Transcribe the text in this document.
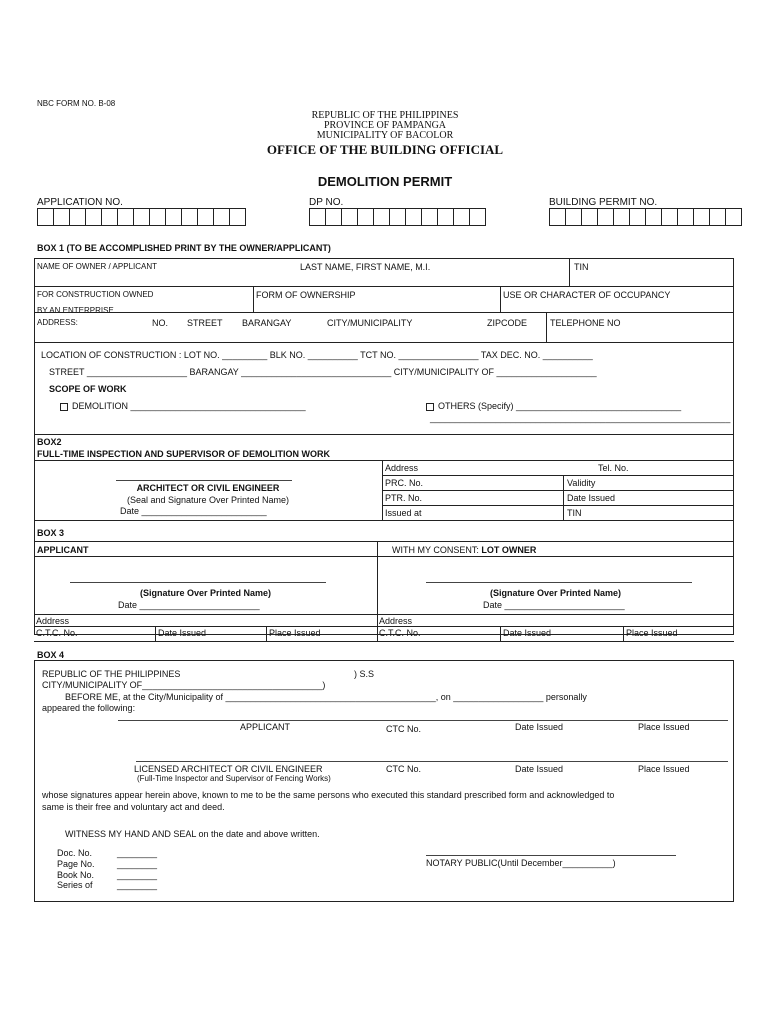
NBC FORM NO. B-08
REPUBLIC OF THE PHILIPPINES
PROVINCE OF PAMPANGA
MUNICIPALITY OF BACOLOR
OFFICE OF THE BUILDING OFFICIAL
DEMOLITION PERMIT
APPLICATION NO.	DP NO.	BUILDING PERMIT NO.
BOX 1 (TO BE ACCOMPLISHED PRINT BY THE OWNER/APPLICANT)
NAME OF OWNER / APPLICANT	LAST NAME, FIRST NAME, M.I.	TIN
FOR CONSTRUCTION OWNED	FORM OF OWNERSHIP	USE OR CHARACTER OF OCCUPANCY
BY AN ENTERPRISE
ADDRESS:	NO. STREET BARANGAY	CITY/MUNICIPALITY	ZIPCODE	TELEPHONE NO
LOCATION OF CONSTRUCTION : LOT NO. _________ BLK NO. __________ TCT NO. ________________ TAX DEC. NO. __________
STREET ____________________ BARANGAY ______________________________ CITY/MUNICIPALITY OF ____________________
SCOPE OF WORK
DEMOLITION ___________________________________	OTHERS (Specify) _________________________________
____________________________________________________________
BOX2
FULL-TIME INSPECTION AND SUPERVISOR OF DEMOLITION WORK
Address	Tel. No.
PRC. No.	Validity
PTR. No.	Date Issued
Issued at	TIN
ARCHITECT OR CIVIL ENGINEER
(Seal and Signature Over Printed Name)
Date _________________________
BOX 3
APPLICANT	WITH MY CONSENT: LOT OWNER
(Signature Over Printed Name)
Date ________________________
(Signature Over Printed Name)
Date ________________________
Address	Address
C.T.C. No.	Date Issued	Place Issued	C.T.C. No.	Date Issued	Place Issued
BOX 4
REPUBLIC OF THE PHILIPPINES	) S.S
CITY/MUNICIPALITY OF____________________________________)
BEFORE ME, at the City/Municipality of __________________________________________, on __________________ personally
appeared the following:
APPLICANT	CTC No.	Date Issued	Place Issued
LICENSED ARCHITECT OR CIVIL ENGINEER	CTC No.	Date Issued	Place Issued
(Full-Time Inspector and Supervisor of Fencing Works)
whose signatures appear herein above, known to me to be the same persons who executed this standard prescribed form and acknowledged to
same is their free and voluntary act and deed.
WITNESS MY HAND AND SEAL on the date and above written.
Doc. No.	________
Page No. ________
Book No.	________
Series of	________
NOTARY PUBLIC(Until December__________)
